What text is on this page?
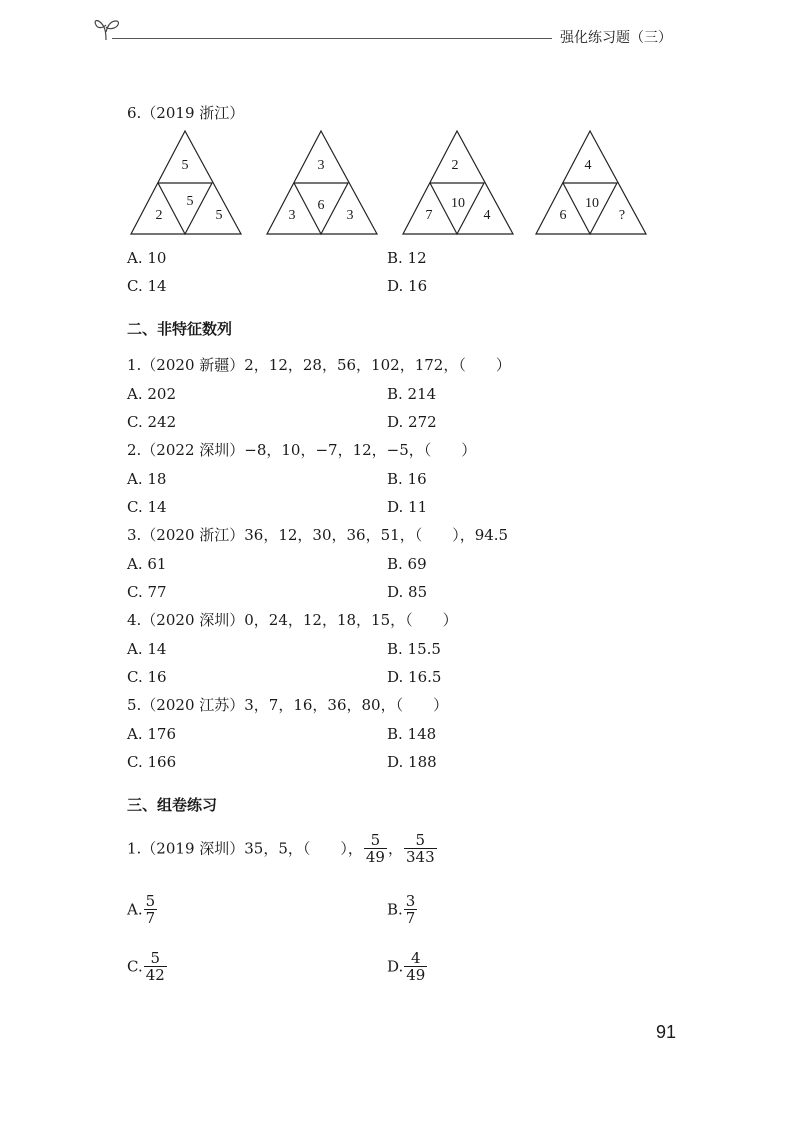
强化练习题（三）
6.（2019 浙江）
5
5
2	5
3
6
3	3
2
10
7	4
4
10
6	?
A. 10	B. 12
C. 14	D. 16
二、非特征数列
1.（2020 新疆）2，12，28，56，102，172，（　　）
A. 202	B. 214
C. 242	D. 272
2.（2022 深圳）−8，10，−7，12，−5，（　　）
A. 18	B. 16
C. 14	D. 11
3.（2020 浙江）36，12，30，36，51，（　　），94.5
A. 61	B. 69
C. 77	D. 85
4.（2020 深圳）0，24，12，18，15，（　　）
A. 14	B. 15.5
C. 16	D. 16.5
5.（2020 江苏）3，7，16，36，80，（　　）
A. 176	B. 148
C. 166	D. 188
三、组卷练习
1.（2019 深圳）35，5，（　　）， $\frac{5}{49}$ ， $\frac{5}{343}$
A. $\frac{5}{7}$	B. $\frac{3}{7}$
C. $\frac{5}{42}$	D. $\frac{4}{49}$
91
